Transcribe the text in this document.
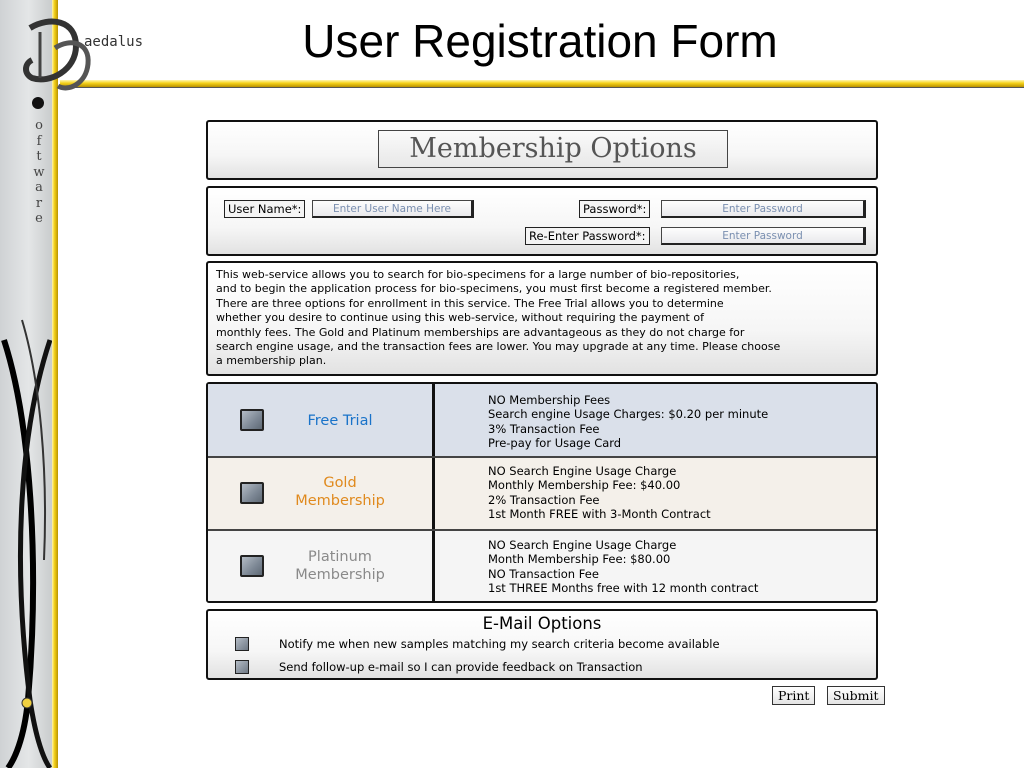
aedalus
o
f
t
w
a
r
e
User Registration Form
Membership Options
User Name*:
Enter User Name Here	Password*:
Re-Enter Password*:
This web-service allows you to search for bio-specimens for a large number of bio-repositories,
and to begin the application process for bio-specimens, you must first become a registered member.
There are three options for enrollment in this service. The Free Trial allows you to determine
whether you desire to continue using this web-service, without requiring the payment of
monthly fees. The Gold and Platinum memberships are advantageous as they do not charge for
search engine usage, and the transaction fees are lower. You may upgrade at any time. Please choose
a membership plan.
Free Trial
NO Membership Fees
Search engine Usage Charges: $0.20 per minute
3% Transaction Fee
Pre-pay for Usage Card
Gold
Membership
NO Search Engine Usage Charge
Monthly Membership Fee: $40.00
2% Transaction Fee
1st Month FREE with 3-Month Contract
Platinum
Membership
NO Search Engine Usage Charge
Month Membership Fee: $80.00
NO Transaction Fee
1st THREE Months free with 12 month contract
E-Mail Options
Notify me when new samples matching my search criteria become available
Send follow-up e-mail so I can provide feedback on Transaction
Print	Submit
